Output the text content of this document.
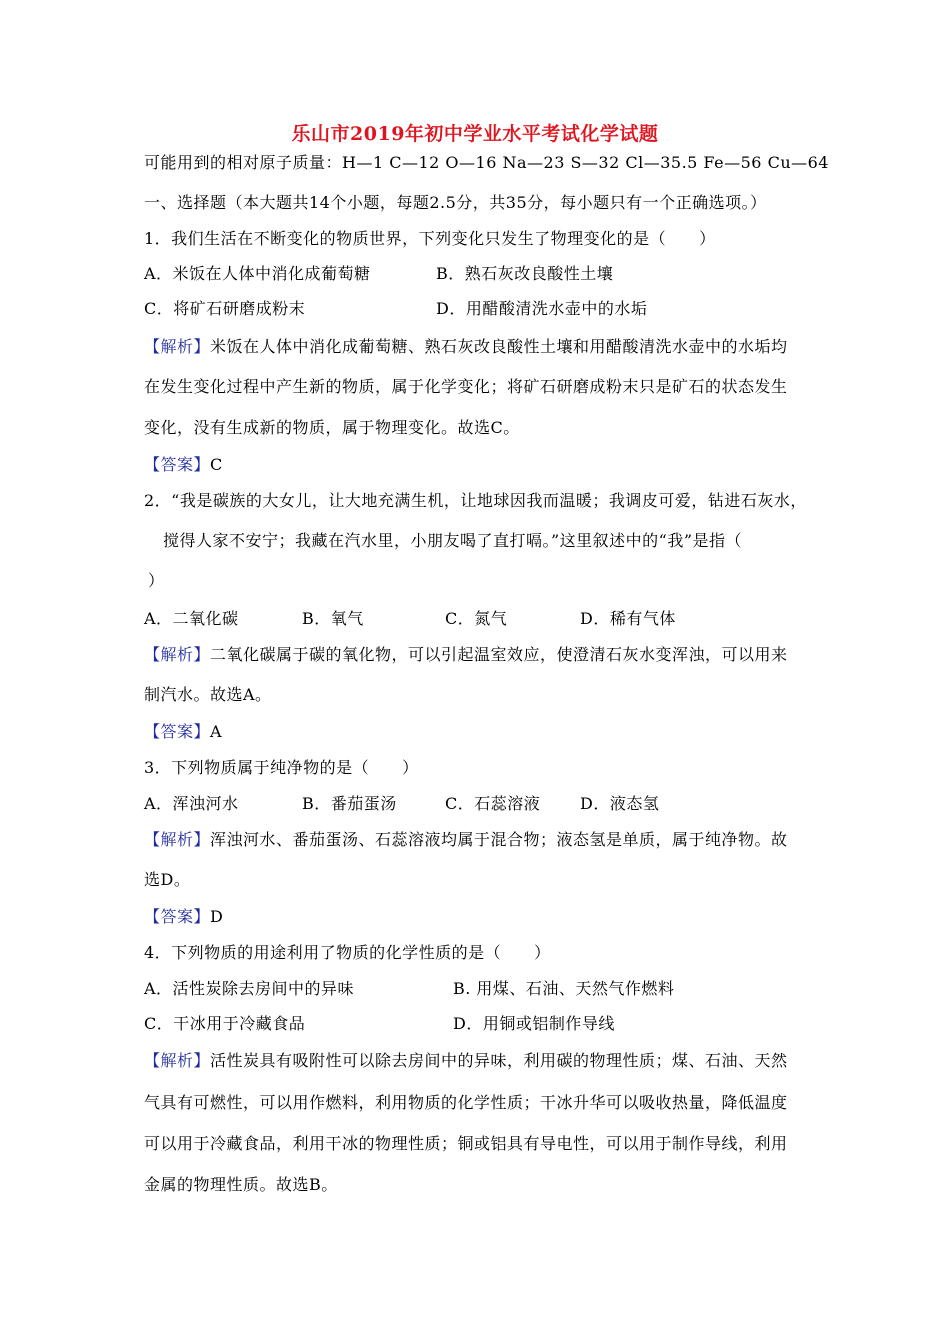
乐山市2019年初中学业水平考试化学试题
可能用到的相对原子质量：H—1 C—12 O—16 Na—23 S—32 Cl—35.5 Fe—56 Cu—64
一、选择题（本大题共14个小题，每题2.5分，共35分，每小题只有一个正确选项。）
1．我们生活在不断变化的物质世界，下列变化只发生了物理变化的是（　　）
A．米饭在人体中消化成葡萄糖	B．熟石灰改良酸性土壤
C．将矿石研磨成粉末	D．用醋酸清洗水壶中的水垢
【解析】米饭在人体中消化成葡萄糖、熟石灰改良酸性土壤和用醋酸清洗水壶中的水垢均
在发生变化过程中产生新的物质，属于化学变化；将矿石研磨成粉末只是矿石的状态发生
变化，没有生成新的物质，属于物理变化。故选C。
【答案】C
2．“我是碳族的大女儿，让大地充满生机，让地球因我而温暖；我调皮可爱，钻进石灰水，
搅得人家不安宁；我藏在汽水里，小朋友喝了直打嗝。”这里叙述中的“我”是指（
）
A．二氧化碳	B．氧气	C．氮气	D．稀有气体
【解析】二氧化碳属于碳的氧化物，可以引起温室效应，使澄清石灰水变浑浊，可以用来
制汽水。故选A。
【答案】A
3．下列物质属于纯净物的是（　　）
A．浑浊河水	B．番茄蛋汤	C．石蕊溶液 D．液态氢
【解析】浑浊河水、番茄蛋汤、石蕊溶液均属于混合物；液态氢是单质，属于纯净物。故
选D。
【答案】D
4．下列物质的用途利用了物质的化学性质的是（　　）
A．活性炭除去房间中的异味	B. 用煤、石油、天然气作燃料
C．干冰用于冷藏食品	D．用铜或铝制作导线
【解析】活性炭具有吸附性可以除去房间中的异味，利用碳的物理性质；煤、石油、天然
气具有可燃性，可以用作燃料，利用物质的化学性质；干冰升华可以吸收热量，降低温度
可以用于冷藏食品，利用干冰的物理性质；铜或铝具有导电性，可以用于制作导线，利用
金属的物理性质。故选B。
